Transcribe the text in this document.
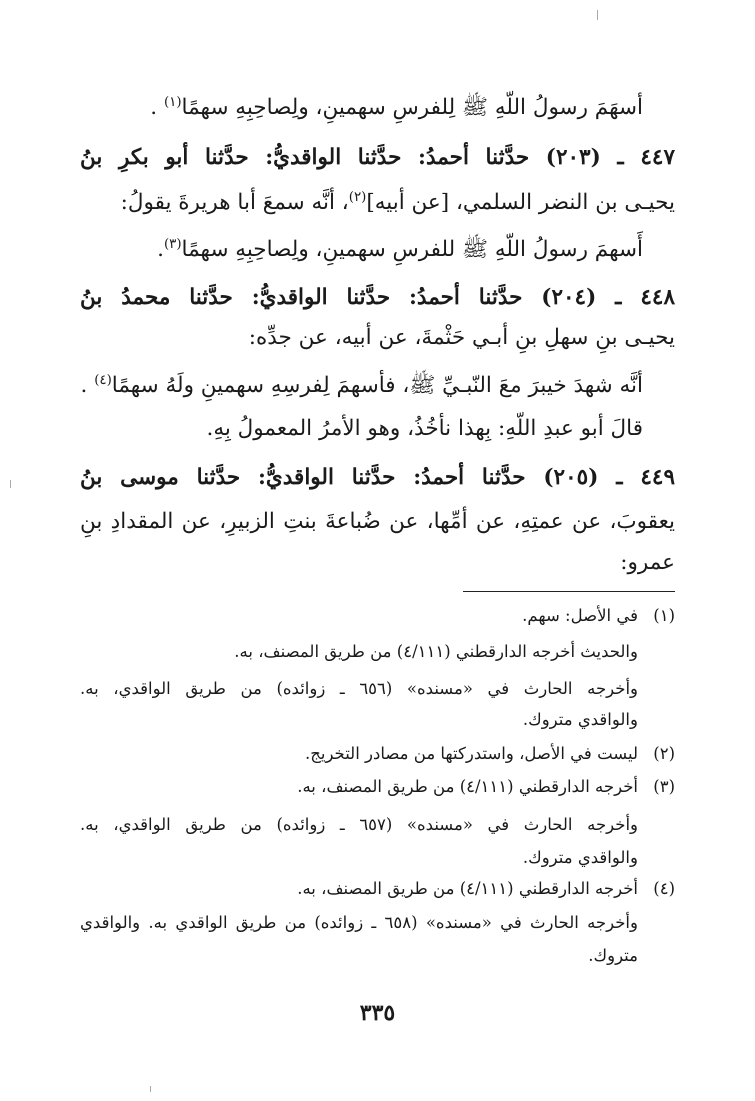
أسهَمَ رسولُ اللّهِ ﷺ لِلفرسِ سهمينِ، ولِصاحِبِهِ سهمًا$^{(١)}$ .
٤٤٧ ـ (٢٠٣) حدَّثنا أحمدُ: حدَّثنا الواقديُّ: حدَّثنا أبو بكرِ بنُ
يحيـى بن النضر السلمي، [عن أبيه]$^{(٢)}$، أنَّه سمعَ أبا هريرةَ يقولُ:
أَسهمَ رسولُ اللّهِ ﷺ للفرسِ سهمينِ، ولِصاحِبِهِ سهمًا$^{(٣)}$.
٤٤٨ ـ (٢٠٤) حدَّثنا أحمدُ: حدَّثنا الواقديُّ: حدَّثنا محمدُ بنُ
يحيـى بنِ سهلِ بنِ أبـي حَثْمةَ، عن أبيه، عن جدِّه:
أنَّه شهدَ خيبرَ معَ النّبـيِّ ﷺ، فأسهمَ لِفرسِهِ سهمينِ ولَهُ سهمًا$^{(٤)}$ .
قالَ أبو عبدِ اللّهِ: بِهذا نأخُذُ، وهو الأمرُ المعمولُ بِهِ.
٤٤٩ ـ (٢٠٥) حدَّثنا أحمدُ: حدَّثنا الواقديُّ: حدَّثنا موسى بنُ
يعقوبَ، عن عمتِهِ، عن أمِّها، عن ضُباعةَ بنتِ الزبيرِ، عن المقدادِ بنِ
عمرو:
(١)في الأصل: سهم.
والحديث أخرجه الدارقطني (٤/١١١) من طريق المصنف، به.
وأخرجه الحارث في «مسنده» (٦٥٦ ـ زوائده) من طريق الواقدي، به.
والواقدي متروك.
(٢)ليست في الأصل، واستدركتها من مصادر التخريج.
(٣)أخرجه الدارقطني (٤/١١١) من طريق المصنف، به.
وأخرجه الحارث في «مسنده» (٦٥٧ ـ زوائده) من طريق الواقدي، به.
والواقدي متروك.
(٤)أخرجه الدارقطني (٤/١١١) من طريق المصنف، به.
وأخرجه الحارث في «مسنده» (٦٥٨ ـ زوائده) من طريق الواقدي به. والواقدي
متروك.
٣٣٥
